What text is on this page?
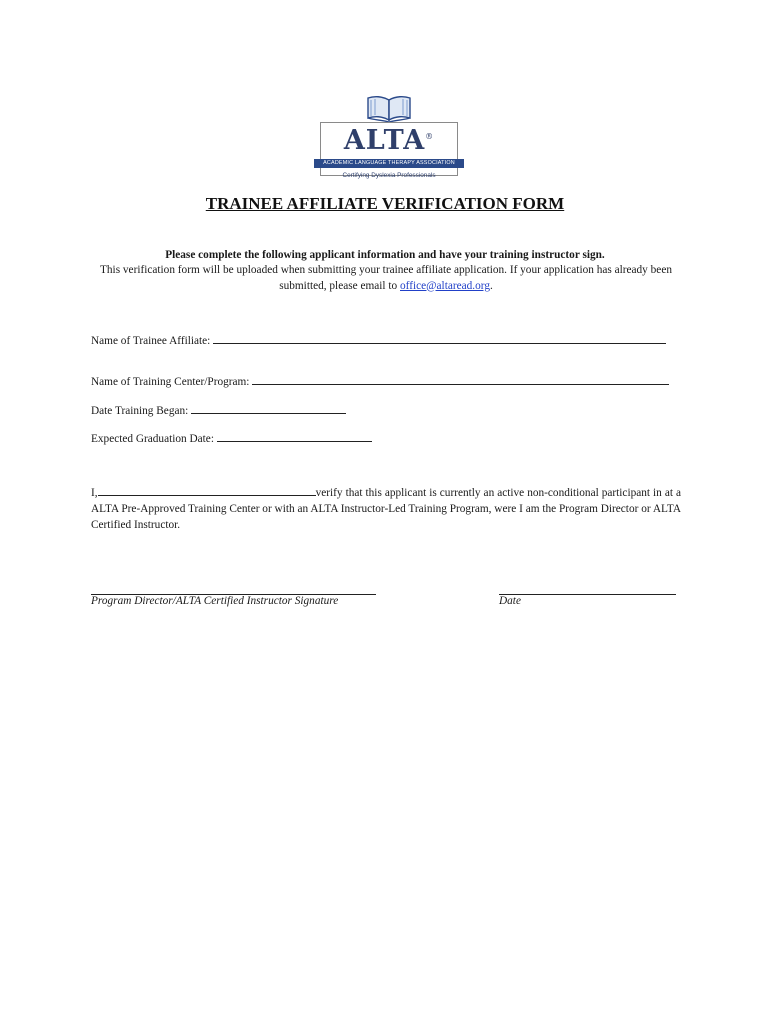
ALTA®
ACADEMIC LANGUAGE THERAPY ASSOCIATION
Certifying Dyslexia Professionals
TRAINEE AFFILIATE VERIFICATION FORM
Please complete the following applicant information and have your training instructor sign.
This verification form will be uploaded when submitting your trainee affiliate application. If your application has already been submitted, please email to office@altaread.org.
Name of Trainee Affiliate:
Name of Training Center/Program:
Date Training Began:
Expected Graduation Date:
I,	verify that this applicant is currently an active non-conditional participant in at a ALTA Pre-Approved Training Center or with an ALTA Instructor-Led Training Program, were I am the Program Director or ALTA Certified Instructor.
Program Director/ALTA Certified Instructor Signature	Date
